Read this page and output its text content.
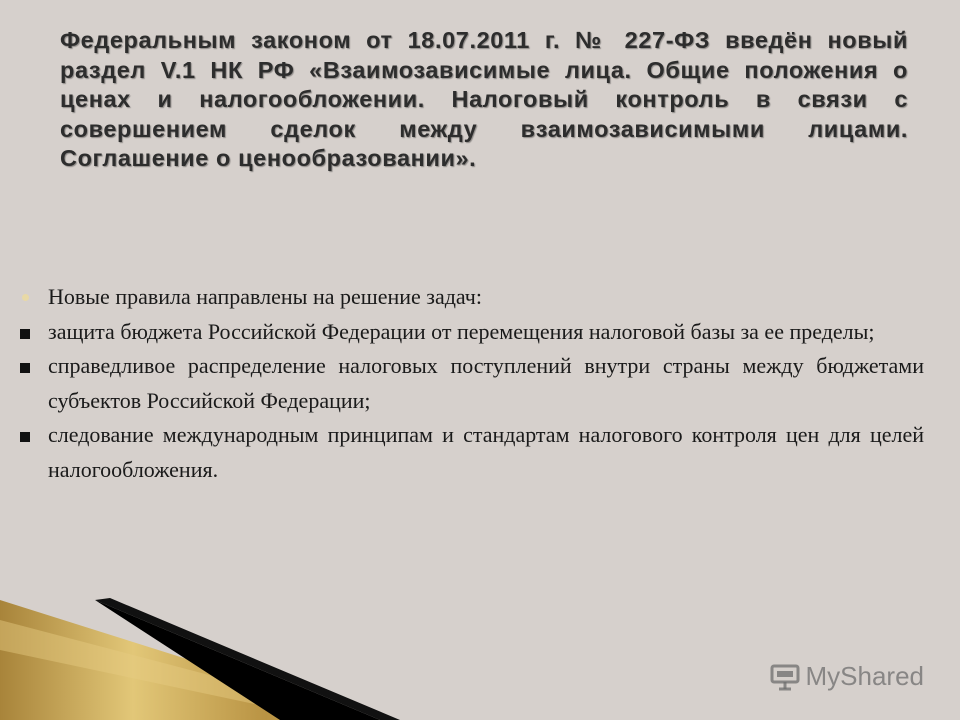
Федеральным законом от 18.07.2011 г. № 227-ФЗ введён новый раздел V.1 НК РФ «Взаимозависимые лица. Общие положения о ценах и налогообложении. Налоговый контроль в связи с совершением сделок между взаимозависимыми лицами. Соглашение о ценообразовании».
Новые правила направлены на решение задач:
защита бюджета Российской Федерации от перемещения налоговой базы за ее пределы;
справедливое распределение налоговых поступлений внутри страны между бюджетами субъектов Российской Федерации;
следование международным принципам и стандартам налогового контроля цен для целей налогообложения.
MyShared
